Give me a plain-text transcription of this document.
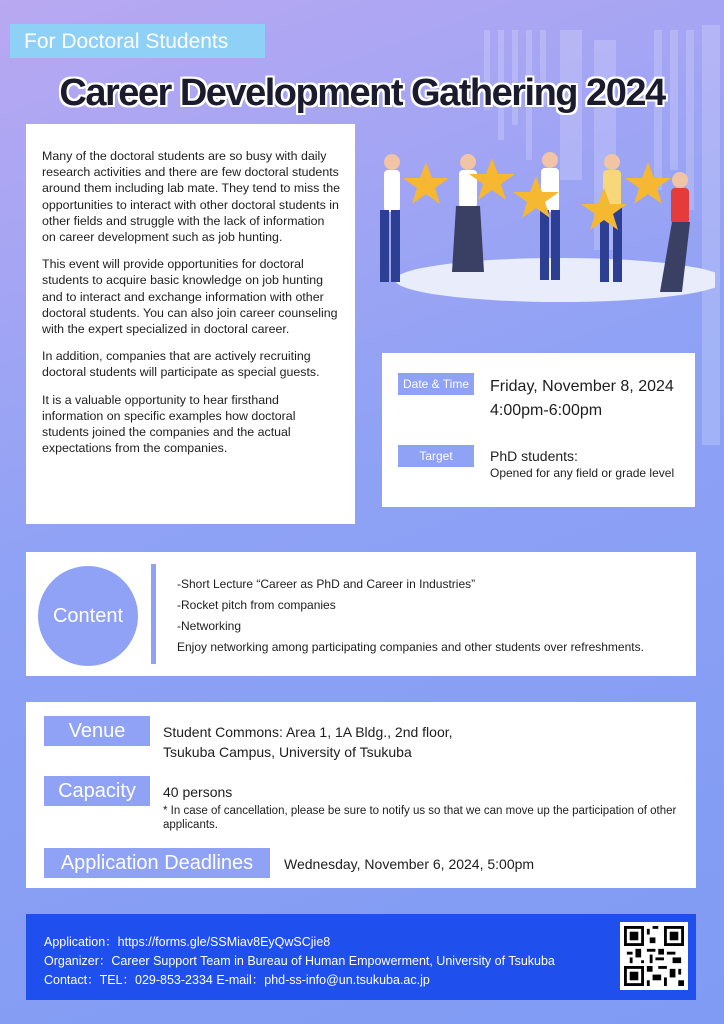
For Doctoral Students
Career Development Gathering 2024

Many of the doctoral students are so busy with daily research activities and there are few doctoral students around them including lab mate. They tend to miss the opportunities to interact with other doctoral students in other fields and struggle with the lack of information on career development such as job hunting.

This event will provide opportunities for doctoral students to acquire basic knowledge on job hunting and to interact and exchange information with other doctoral students. You can also join career counseling with the expert specialized in doctoral career.

In addition, companies that are actively recruiting doctoral students will participate as special guests.

It is a valuable opportunity to hear firsthand information on specific examples how doctoral students joined the companies and the actual expectations from the companies.

Date & Time	Friday, November 8, 2024
4:00pm-6:00pm
Target	PhD students:
Opened for any field or grade level
Content
-Short Lecture “Career as PhD and Career in Industries”
-Rocket pitch from companies
-Networking
Enjoy networking among participating companies and other students over refreshments.
Venue	Student Commons: Area 1, 1A Bldg., 2nd floor,
Tsukuba Campus, University of Tsukuba
Capacity	40 persons
* In case of cancellation, please be sure to notify us so that we can move up the participation of other applicants.
Application Deadlines	Wednesday, November 6, 2024, 5:00pm
Application：https://forms.gle/SSMiav8EyQwSCjie8
Organizer：Career Support Team in Bureau of Human Empowerment, University of Tsukuba
Contact：TEL：029-853-2334 E-mail：phd-ss-info@un.tsukuba.ac.jp
